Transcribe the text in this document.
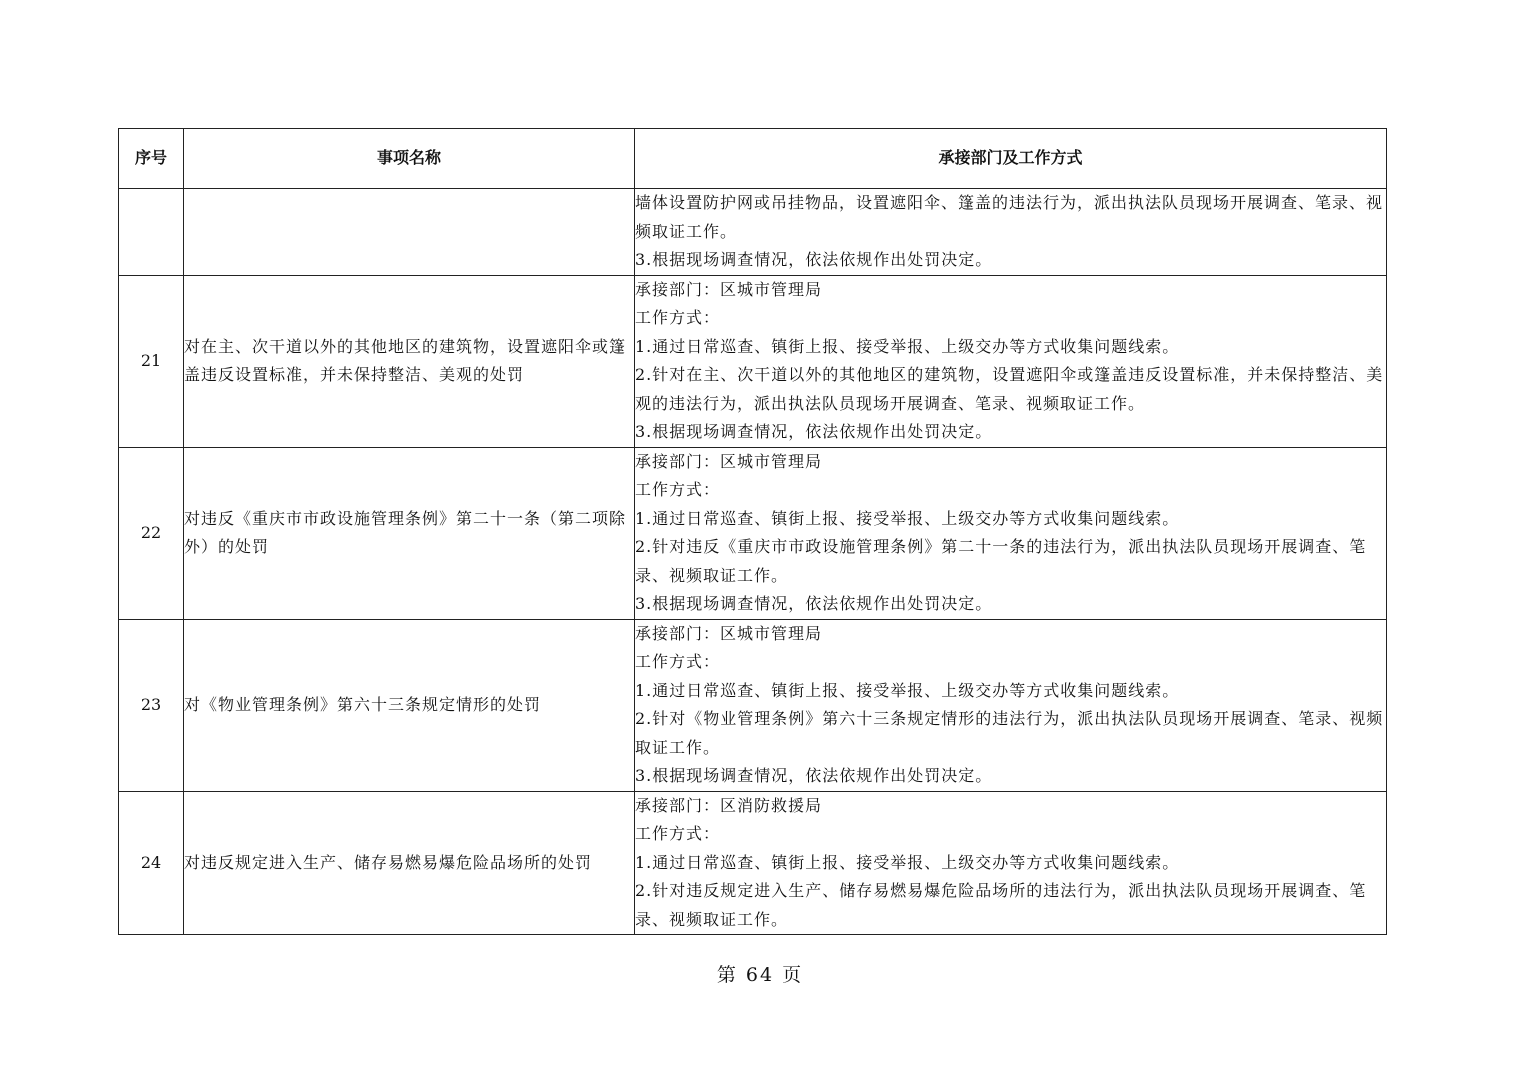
序号	事项名称	承接部门及工作方式

		墙体设置防护网或吊挂物品，设置遮阳伞、篷盖的违法行为，派出执法队员现场开展调查、笔录、视频取证工作。
3.根据现场调查情况，依法依规作出处罚决定。

21	对在主、次干道以外的其他地区的建筑物，设置遮阳伞或篷盖违反设置标准，并未保持整洁、美观的处罚	承接部门：区城市管理局
工作方式：
1.通过日常巡查、镇街上报、接受举报、上级交办等方式收集问题线索。
2.针对在主、次干道以外的其他地区的建筑物，设置遮阳伞或篷盖违反设置标准，并未保持整洁、美观的违法行为，派出执法队员现场开展调查、笔录、视频取证工作。
3.根据现场调查情况，依法依规作出处罚决定。

22	对违反《重庆市市政设施管理条例》第二十一条（第二项除外）的处罚	承接部门：区城市管理局
工作方式：
1.通过日常巡查、镇街上报、接受举报、上级交办等方式收集问题线索。
2.针对违反《重庆市市政设施管理条例》第二十一条的违法行为，派出执法队员现场开展调查、笔录、视频取证工作。
3.根据现场调查情况，依法依规作出处罚决定。

23	对《物业管理条例》第六十三条规定情形的处罚	承接部门：区城市管理局
工作方式：
1.通过日常巡查、镇街上报、接受举报、上级交办等方式收集问题线索。
2.针对《物业管理条例》第六十三条规定情形的违法行为，派出执法队员现场开展调查、笔录、视频取证工作。
3.根据现场调查情况，依法依规作出处罚决定。

24	对违反规定进入生产、储存易燃易爆危险品场所的处罚	承接部门：区消防救援局
工作方式：
1.通过日常巡查、镇街上报、接受举报、上级交办等方式收集问题线索。
2.针对违反规定进入生产、储存易燃易爆危险品场所的违法行为，派出执法队员现场开展调查、笔录、视频取证工作。
第 64 页
